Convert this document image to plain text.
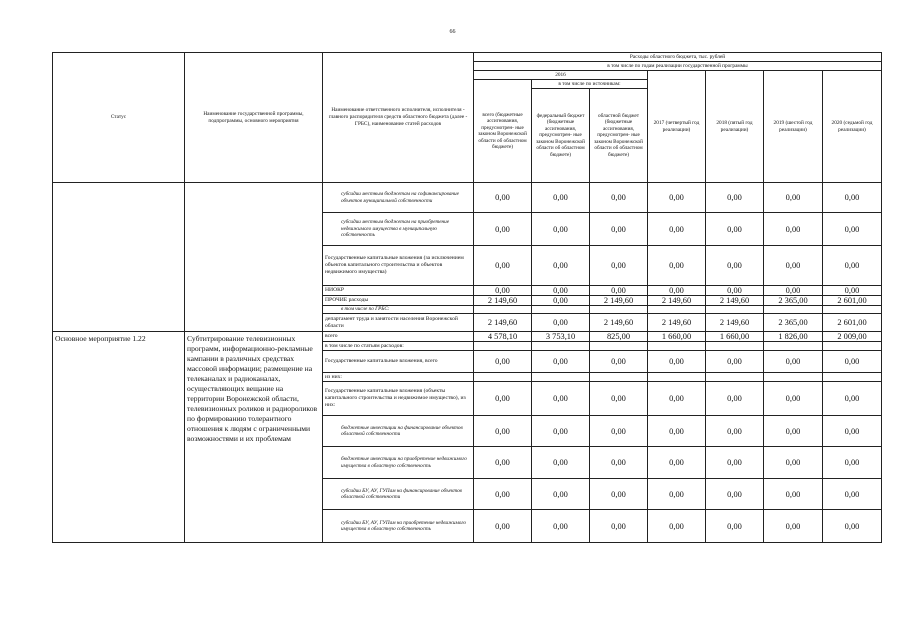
66
Статус	Наименование государственной программы, подпрограммы, основного мероприятия	Наименование ответственного исполнителя, исполнителя - главного распорядителя средств областного бюджета (далее - ГРБС), наименование статей расходов	Расходы областного бюджета, тыс. рублей						
			в том числе по годам реализации государственной программы						
			2016			2017 (четвертый год реализации)	2018 (пятый год реализации)	2019 (шестой год реализации)	2020 (седьмой год реализации)
			всего (бюджетные ассигнования, предусмотрен- ные законом Воронежской области об областном бюджете)	в том числе по источникам:					
				федеральный бюджет (бюджетные ассигнования, предусмотрен- ные законом Воронежской области об областном бюджете)	областной бюджет (бюджетные ассигнования, предусмотрен- ные законом Воронежской области об областном бюджете)				
		субсидии местным бюджетам на софинансирование объектов муниципальной собственности	0,00	0,00	0,00	0,00	0,00	0,00	0,00
		субсидии местным бюджетам на приобретение недвижимого имущества в муниципальную собственность	0,00	0,00	0,00	0,00	0,00	0,00	0,00
		Государственные капитальные вложения (за исключением объектов капитального строительства и объектов недвижимого имущества)	0,00	0,00	0,00	0,00	0,00	0,00	0,00
		НИОКР	0,00	0,00	0,00	0,00	0,00	0,00	0,00
		ПРОЧИЕ расходы	2 149,60	0,00	2 149,60	2 149,60	2 149,60	2 365,00	2 601,00
		в том числе по ГРБС:							
		департамент труда и занятости населения Воронежской области	2 149,60	0,00	2 149,60	2 149,60	2 149,60	2 365,00	2 601,00
Основное мероприятие 1.22	Субтитрирование телевизионных программ, информационно-рекламные кампании в различных средствах массовой информации; размещение на телеканалах и радиоканалах, осуществляющих вещание на территории Воронежской области, телевизионных роликов и радиороликов по формированию толерантного отношения к людям с ограниченными возможностями и их проблемам	всего	4 578,10	3 753,10	825,00	1 660,00	1 660,00	1 826,00	2 009,00
		в том числе по статьям расходов:							
		Государственные капитальные вложения, всего	0,00	0,00	0,00	0,00	0,00	0,00	0,00
		из них:							
		Государственные капитальные вложения (объекты капитального строительства и недвижимое имущество), из них:	0,00	0,00	0,00	0,00	0,00	0,00	0,00
		бюджетные инвестиции на финансирование объектов областной собственности	0,00	0,00	0,00	0,00	0,00	0,00	0,00
		бюджетные инвестиции на приобретение недвижимого имущества в областную собственность	0,00	0,00	0,00	0,00	0,00	0,00	0,00
		субсидии БУ, АУ, ГУПам на финансирование объектов областной собственности	0,00	0,00	0,00	0,00	0,00	0,00	0,00
		субсидии БУ, АУ, ГУПам на приобретение недвижимого имущества в областную собственность	0,00	0,00	0,00	0,00	0,00	0,00	0,00
